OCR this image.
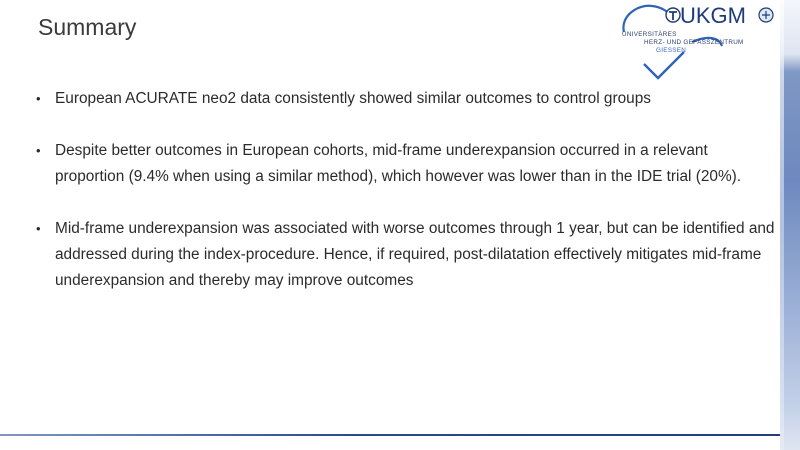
Summary	UKGM
UNIVERSITÄRES
HERZ- UND GEFÄSSZENTRUM
GIESSEN
• European ACURATE neo2 data consistently showed similar outcomes to control groups
• Despite better outcomes in European cohorts, mid-frame underexpansion occurred in a relevant proportion (9.4% when using a similar method), which however was lower than in the IDE trial (20%).
• Mid-frame underexpansion was associated with worse outcomes through 1 year, but can be identified and addressed during the index-procedure. Hence, if required, post-dilatation effectively mitigates mid-frame underexpansion and thereby may improve outcomes
